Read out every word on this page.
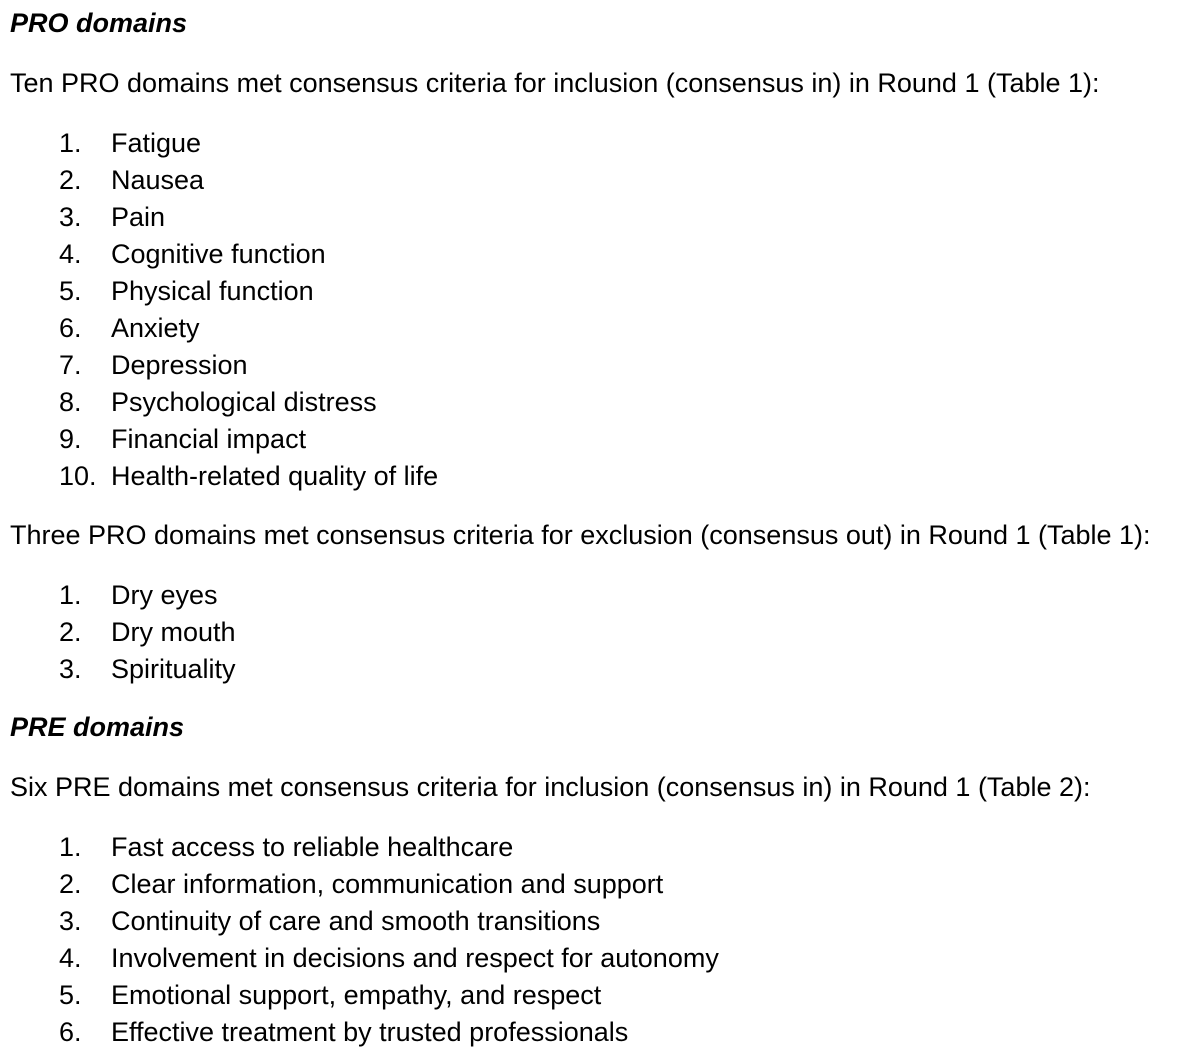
PRO domains

Ten PRO domains met consensus criteria for inclusion (consensus in) in Round 1 (Table 1):

1. Fatigue
2. Nausea
3. Pain
4. Cognitive function
5. Physical function
6. Anxiety
7. Depression
8. Psychological distress
9. Financial impact
10. Health-related quality of life

Three PRO domains met consensus criteria for exclusion (consensus out) in Round 1 (Table 1):

1. Dry eyes
2. Dry mouth
3. Spirituality
PRE domains

Six PRE domains met consensus criteria for inclusion (consensus in) in Round 1 (Table 2):

1. Fast access to reliable healthcare
2. Clear information, communication and support
3. Continuity of care and smooth transitions
4. Involvement in decisions and respect for autonomy
5. Emotional support, empathy, and respect
6. Effective treatment by trusted professionals
